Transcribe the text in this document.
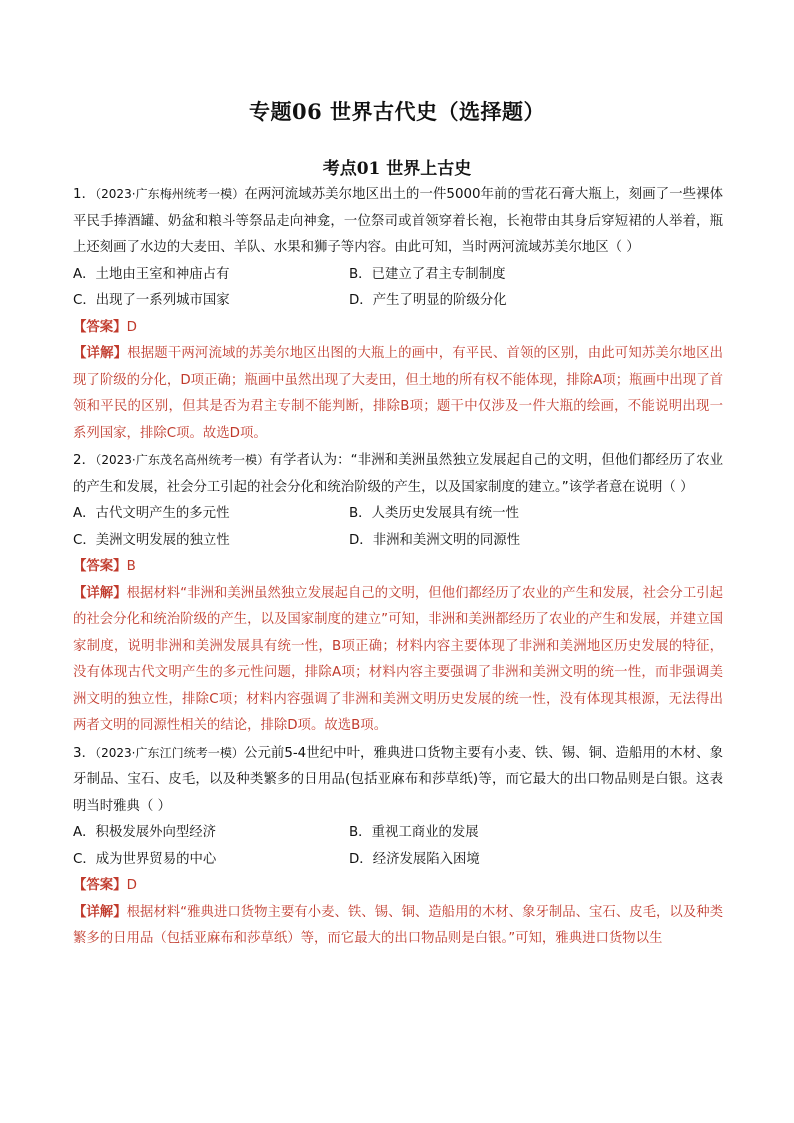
专题06 世界古代史（选择题）
考点01 世界上古史

1．（2023·广东梅州统考一模）在两河流域苏美尔地区出土的一件5000年前的雪花石膏大瓶上，刻画了一些裸体平民手捧酒罐、奶盆和粮斗等祭品走向神龛，一位祭司或首领穿着长袍，长袍带由其身后穿短裙的人举着，瓶上还刻画了水边的大麦田、羊队、水果和狮子等内容。由此可知，当时两河流域苏美尔地区（ ）

A．土地由王室和神庙占有	B．已建立了君主专制制度
C．出现了一系列城市国家	D．产生了明显的阶级分化

【答案】D

【详解】根据题干两河流域的苏美尔地区出图的大瓶上的画中，有平民、首领的区别，由此可知苏美尔地区出现了阶级的分化，D项正确；瓶画中虽然出现了大麦田，但土地的所有权不能体现，排除A项；瓶画中出现了首领和平民的区别，但其是否为君主专制不能判断，排除B项；题干中仅涉及一件大瓶的绘画，不能说明出现一系列国家，排除C项。故选D项。

2．（2023·广东茂名高州统考一模）有学者认为：“非洲和美洲虽然独立发展起自己的文明，但他们都经历了农业的产生和发展，社会分工引起的社会分化和统治阶级的产生，以及国家制度的建立。”该学者意在说明（ ）

A．古代文明产生的多元性	B．人类历史发展具有统一性
C．美洲文明发展的独立性	D．非洲和美洲文明的同源性

【答案】B

【详解】根据材料“非洲和美洲虽然独立发展起自己的文明，但他们都经历了农业的产生和发展，社会分工引起的社会分化和统治阶级的产生，以及国家制度的建立”可知，非洲和美洲都经历了农业的产生和发展，并建立国家制度，说明非洲和美洲发展具有统一性，B项正确；材料内容主要体现了非洲和美洲地区历史发展的特征，没有体现古代文明产生的多元性问题，排除A项；材料内容主要强调了非洲和美洲文明的统一性，而非强调美洲文明的独立性，排除C项；材料内容强调了非洲和美洲文明历史发展的统一性，没有体现其根源，无法得出两者文明的同源性相关的结论，排除D项。故选B项。

3．（2023·广东江门统考一模）公元前5-4世纪中叶，雅典进口货物主要有小麦、铁、锡、铜、造船用的木材、象牙制品、宝石、皮毛，以及种类繁多的日用品(包括亚麻布和莎草纸)等，而它最大的出口物品则是白银。这表明当时雅典（ ）

A．积极发展外向型经济	B．重视工商业的发展
C．成为世界贸易的中心	D．经济发展陷入困境

【答案】D

【详解】根据材料“雅典进口货物主要有小麦、铁、锡、铜、造船用的木材、象牙制品、宝石、皮毛，以及种类繁多的日用品（包括亚麻布和莎草纸）等，而它最大的出口物品则是白银。”可知，雅典进口货物以生
